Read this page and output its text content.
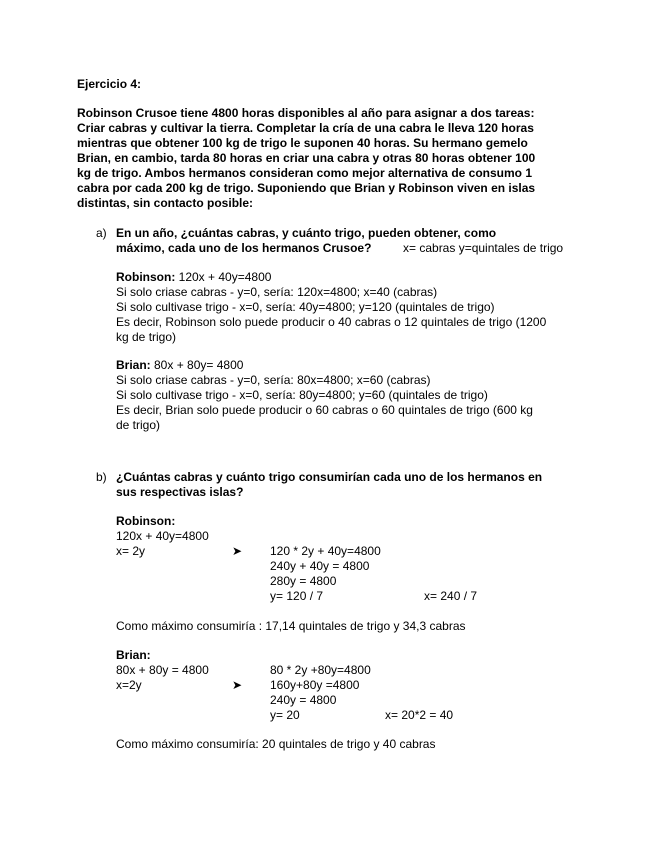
Ejercicio 4:
Robinson Crusoe tiene 4800 horas disponibles al año para asignar a dos tareas:
Criar cabras y cultivar la tierra. Completar la cría de una cabra le lleva 120 horas
mientras que obtener 100 kg de trigo le suponen 40 horas. Su hermano gemelo
Brian, en cambio, tarda 80 horas en criar una cabra y otras 80 horas obtener 100
kg de trigo. Ambos hermanos consideran como mejor alternativa de consumo 1
cabra por cada 200 kg de trigo. Suponiendo que Brian y Robinson viven en islas
distintas, sin contacto posible:
a) En un año, ¿cuántas cabras, y cuánto trigo, pueden obtener, como
máximo, cada uno de los hermanos Crusoe?	x= cabras y=quintales de trigo
Robinson: 120x + 40y=4800
Si solo criase cabras - y=0, sería: 120x=4800; x=40 (cabras)
Si solo cultivase trigo - x=0, sería: 40y=4800; y=120 (quintales de trigo)
Es decir, Robinson solo puede producir o 40 cabras o 12 quintales de trigo (1200
kg de trigo)
Brian: 80x + 80y= 4800
Si solo criase cabras - y=0, sería: 80x=4800; x=60 (cabras)
Si solo cultivase trigo - x=0, sería: 80y=4800; y=60 (quintales de trigo)
Es decir, Brian solo puede producir o 60 cabras o 60 quintales de trigo (600 kg
de trigo)
b) ¿Cuántas cabras y cuánto trigo consumirían cada uno de los hermanos en
sus respectivas islas?
Robinson:
120x + 40y=4800
x= 2y	➤ 120 * 2y + 40y=4800
240y + 40y = 4800
280y = 4800
y= 120 / 7	x= 240 / 7
Como máximo consumiría : 17,14 quintales de trigo y 34,3 cabras
Brian:
80x + 80y = 4800
x=2y	➤
80 * 2y +80y=4800
160y+80y =4800
240y = 4800
y= 20	x= 20*2 = 40
Como máximo consumiría: 20 quintales de trigo y 40 cabras
